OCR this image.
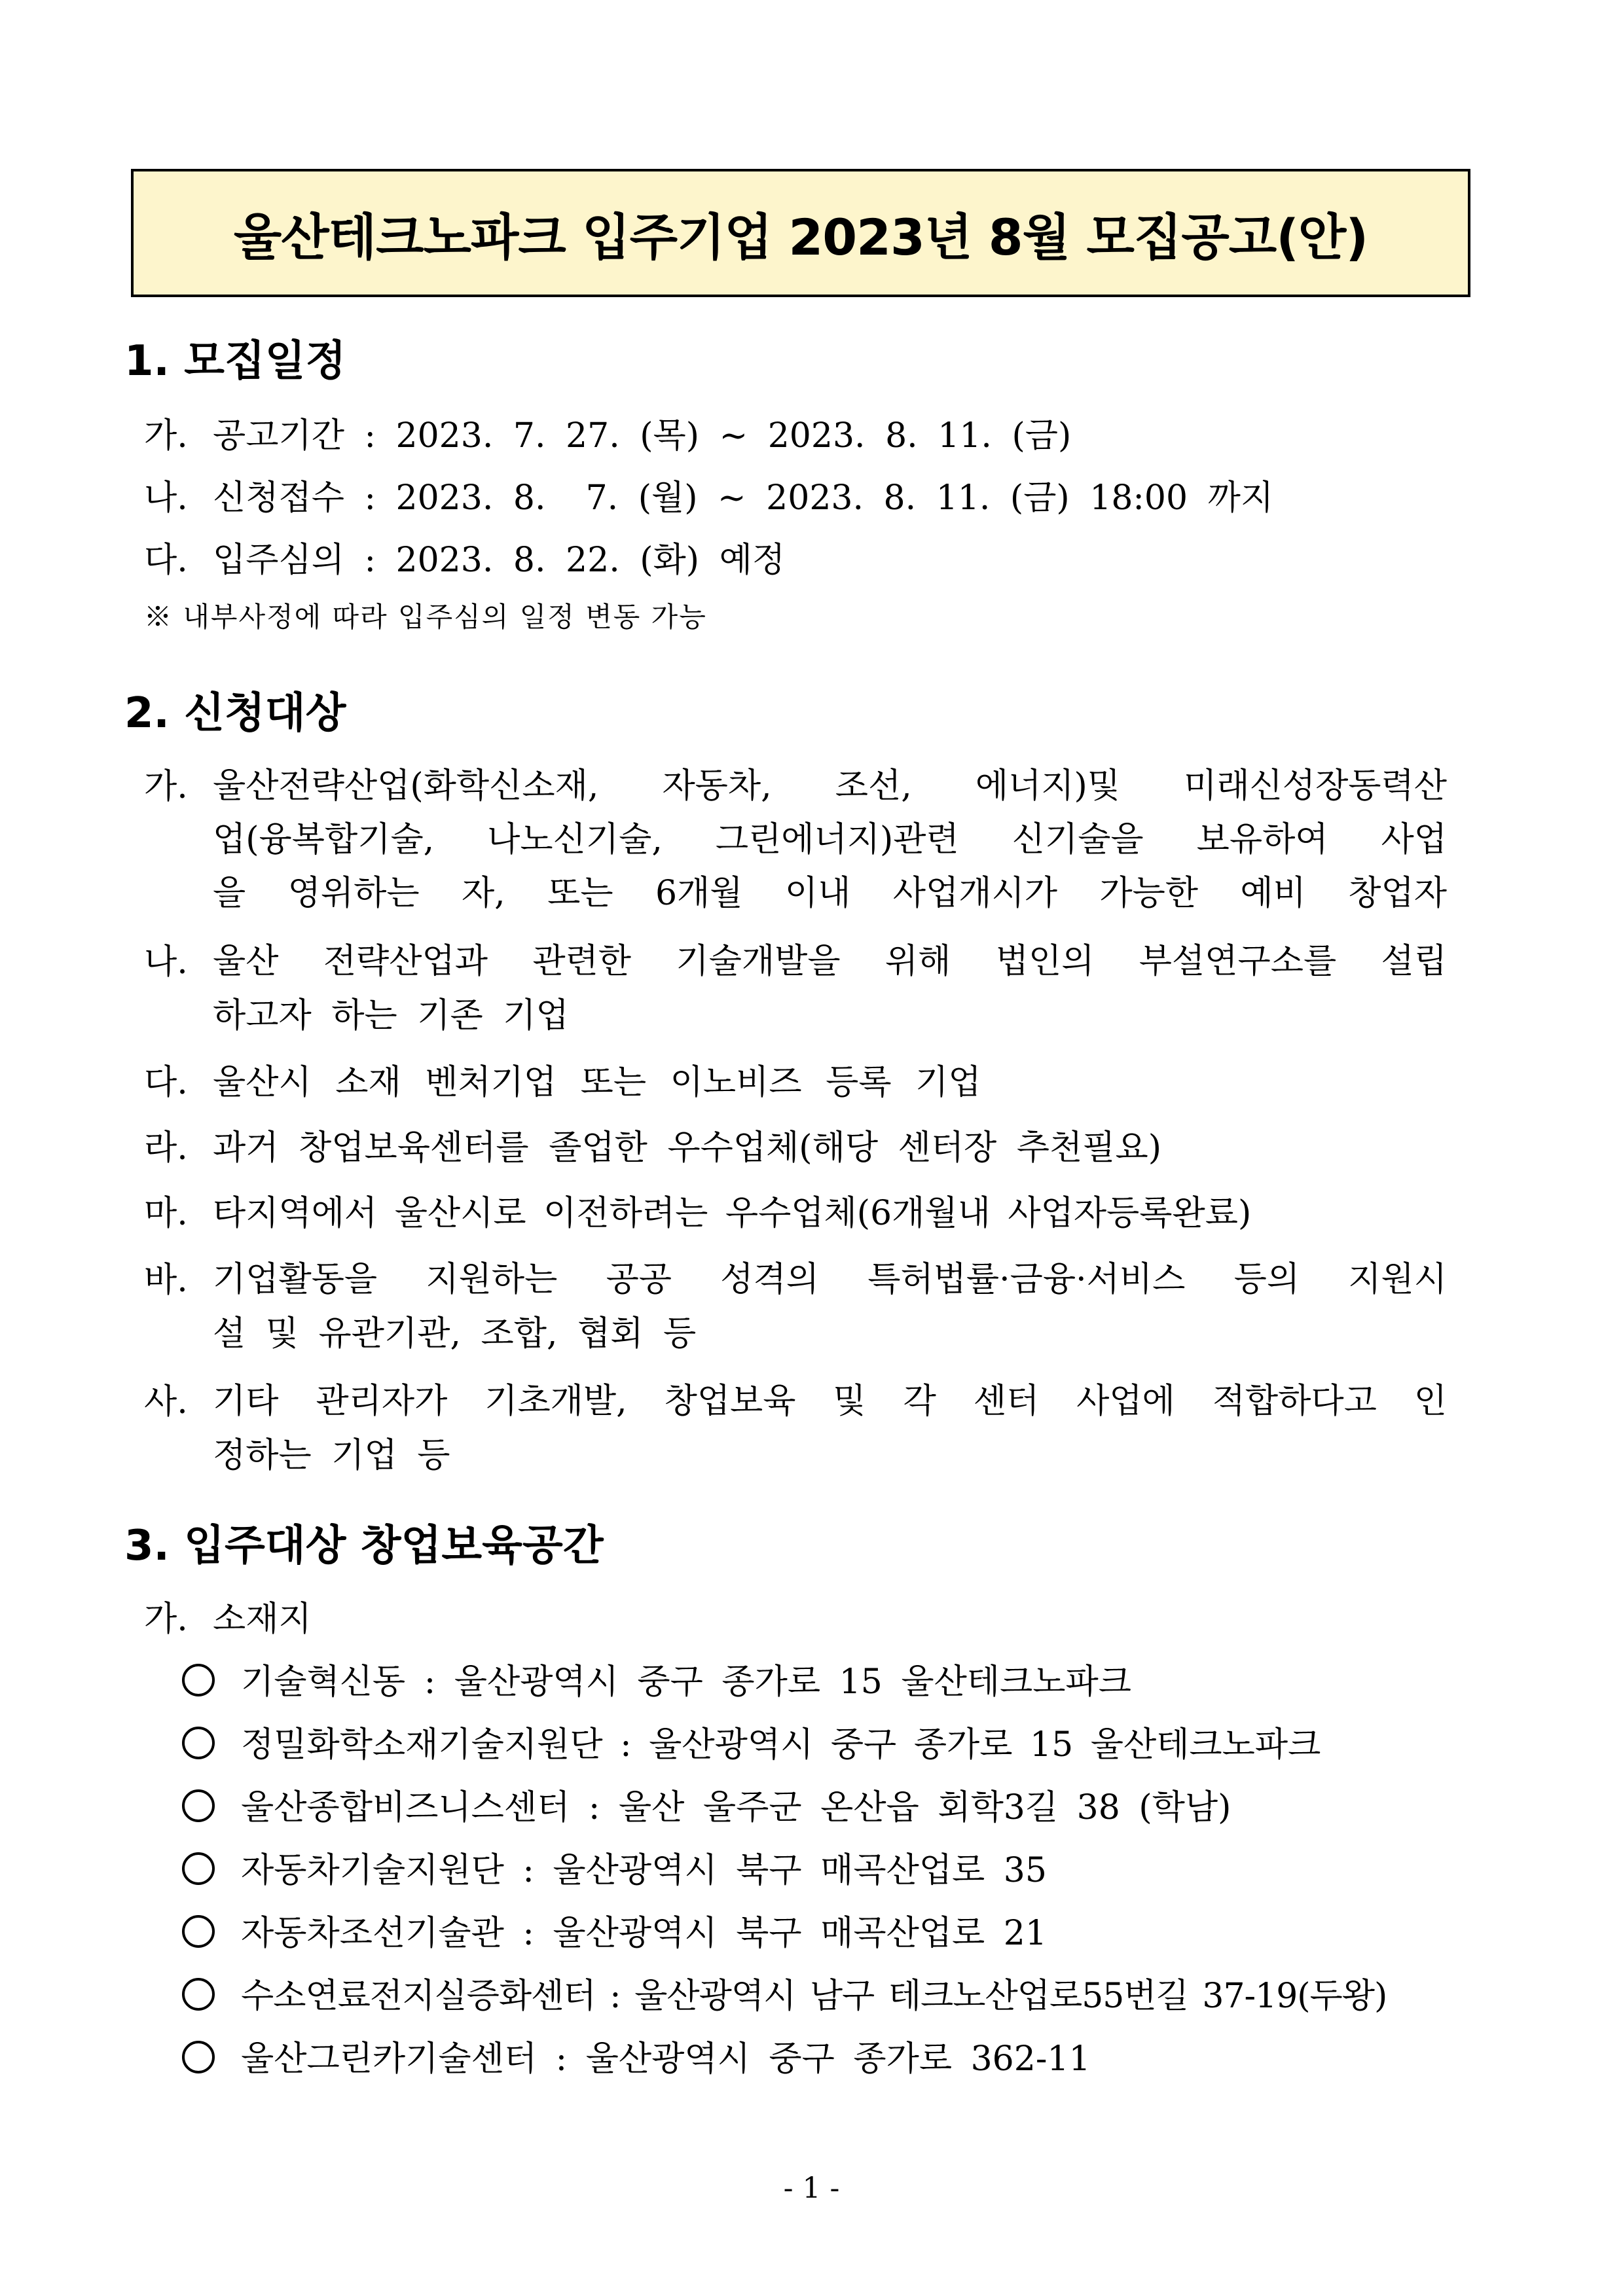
울산테크노파크 입주기업 2023년 8월 모집공고(안)
1. 모집일정
가. 공고기간 : 2023. 7. 27. (목) ~ 2023. 8. 11. (금)
나. 신청접수 : 2023. 8.  7. (월) ~ 2023. 8. 11. (금) 18:00 까지
다. 입주심의 : 2023. 8. 22. (화) 예정
※ 내부사정에 따라 입주심의 일정 변동 가능
2. 신청대상
가. 울산전략산업(화학신소재, 자동차, 조선, 에너지)및 미래신성장동력산
업(융복합기술, 나노신기술, 그린에너지)관련 신기술을 보유하여 사업
을 영위하는 자, 또는 6개월 이내 사업개시가 가능한 예비 창업자
나. 울산 전략산업과 관련한 기술개발을 위해 법인의 부설연구소를 설립
하고자 하는 기존 기업
다. 울산시 소재 벤처기업 또는 이노비즈 등록 기업
라. 과거 창업보육센터를 졸업한 우수업체(해당 센터장 추천필요)
마. 타지역에서 울산시로 이전하려는 우수업체(6개월내 사업자등록완료)
바. 기업활동을 지원하는 공공 성격의 특허법률·금융·서비스 등의 지원시
설 및 유관기관, 조합, 협회 등
사. 기타 관리자가 기초개발, 창업보육 및 각 센터 사업에 적합하다고 인
정하는 기업 등
3. 입주대상 창업보육공간
가. 소재지
기술혁신동 : 울산광역시 중구 종가로 15 울산테크노파크
정밀화학소재기술지원단 : 울산광역시 중구 종가로 15 울산테크노파크
울산종합비즈니스센터 : 울산 울주군 온산읍 회학3길 38 (학남)
자동차기술지원단 : 울산광역시 북구 매곡산업로 35
자동차조선기술관 : 울산광역시 북구 매곡산업로 21
수소연료전지실증화센터 : 울산광역시 남구 테크노산업로55번길 37-19(두왕)
울산그린카기술센터 : 울산광역시 중구 종가로 362-11
- 1 -
